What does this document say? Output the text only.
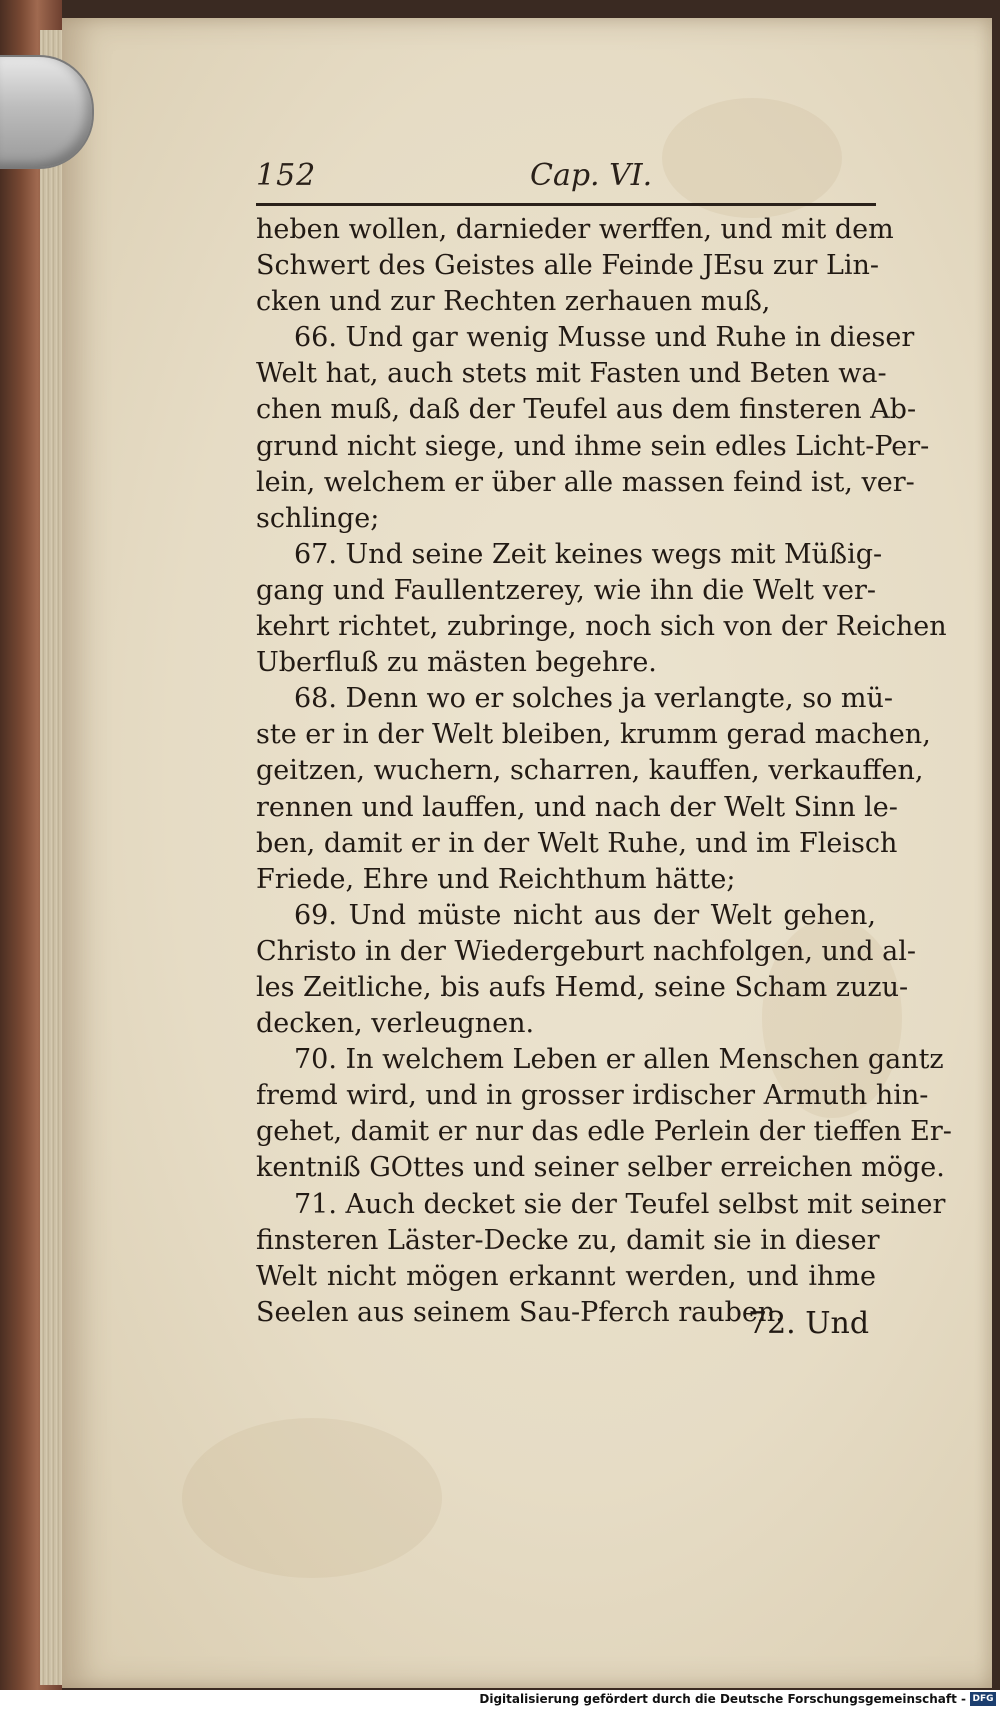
152	Cap. VI.
heben wollen, darnieder werffen, und mit dem
Schwert des Geistes alle Feinde JEsu zur Lin-
cken und zur Rechten zerhauen muß,
66. Und gar wenig Musse und Ruhe in dieser
Welt hat, auch stets mit Fasten und Beten wa-
chen muß, daß der Teufel aus dem finsteren Ab-
grund nicht siege, und ihme sein edles Licht-Per-
lein, welchem er über alle massen feind ist, ver-
schlinge;
67. Und seine Zeit keines wegs mit Müßig-
gang und Faullentzerey, wie ihn die Welt ver-
kehrt richtet, zubringe, noch sich von der Reichen
Uberfluß zu mästen begehre.
68. Denn wo er solches ja verlangte, so mü-
ste er in der Welt bleiben, krumm gerad machen,
geitzen, wuchern, scharren, kauffen, verkauffen,
rennen und lauffen, und nach der Welt Sinn le-
ben, damit er in der Welt Ruhe, und im Fleisch
Friede, Ehre und Reichthum hätte;
69. Und müste nicht aus der Welt gehen,
Christo in der Wiedergeburt nachfolgen, und al-
les Zeitliche, bis aufs Hemd, seine Scham zuzu-
decken, verleugnen.
70. In welchem Leben er allen Menschen gantz
fremd wird, und in grosser irdischer Armuth hin-
gehet, damit er nur das edle Perlein der tieffen Er-
kentniß GOttes und seiner selber erreichen möge.
71. Auch decket sie der Teufel selbst mit seiner
finsteren Läster-Decke zu, damit sie in dieser
Welt nicht mögen erkannt werden, und ihme
Seelen aus seinem Sau-Pferch rauben.
72. Und
Digitalisierung gefördert durch die Deutsche Forschungsgemeinschaft - DFG
